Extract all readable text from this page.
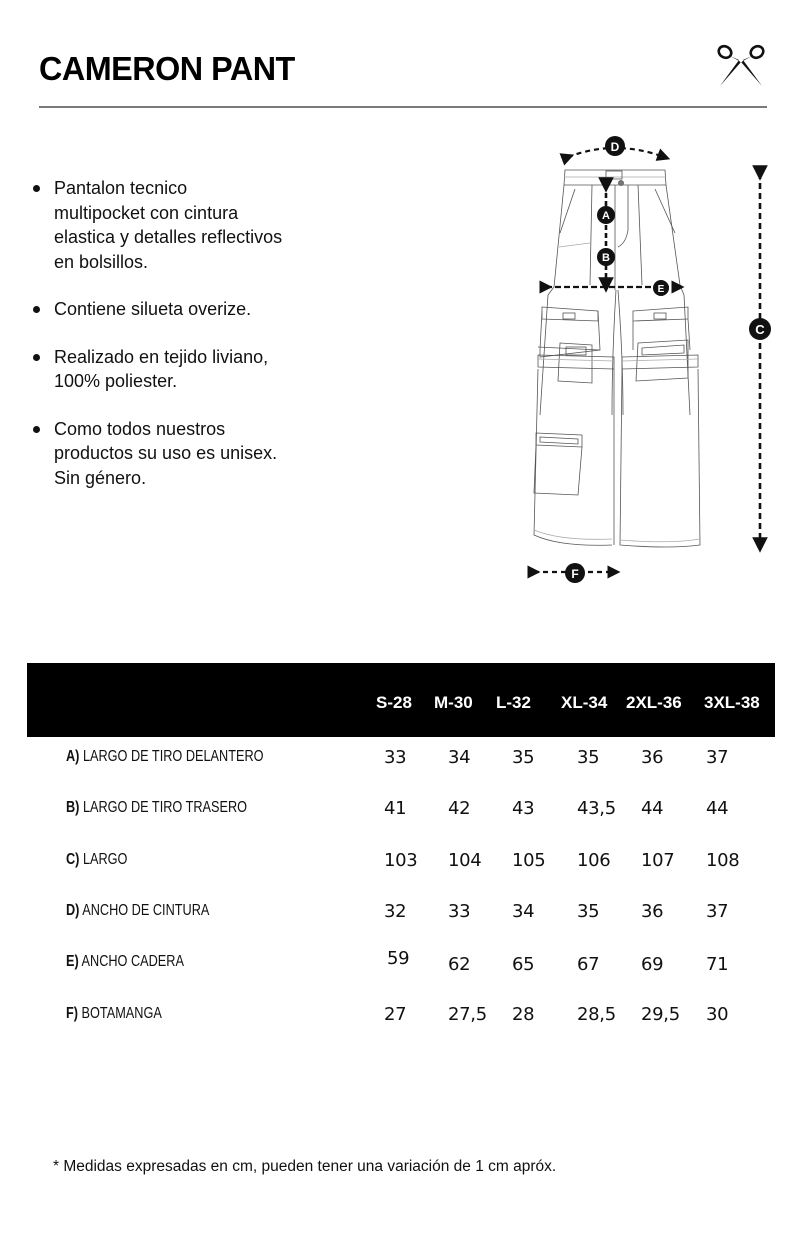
CAMERON PANT
Pantalon tecnico
multipocket con cintura
elastica y detalles reflectivos
en bolsillos.
Contiene silueta overize.
Realizado en tejido liviano,
100% poliester.
Como todos nuestros
productos su uso es unisex.
Sin género.
D
A
B
E
C
F
S-28 M-30 L-32 XL-34 2XL-36 3XL-38
A) LARGO DE TIRO DELANTERO	33 34 35 35 36 37
B) LARGO DE TIRO TRASERO	41 42 43 43,5 44 44
C) LARGO	103 104 105 106 107 108
D) ANCHO DE CINTURA	32 33 34 35 36 37
E) ANCHO CADERA	59 62 65 67 69 71
F) BOTAMANGA	27 27,5 28 28,5 29,5 30
* Medidas expresadas en cm, pueden tener una variación de 1 cm apróx.
